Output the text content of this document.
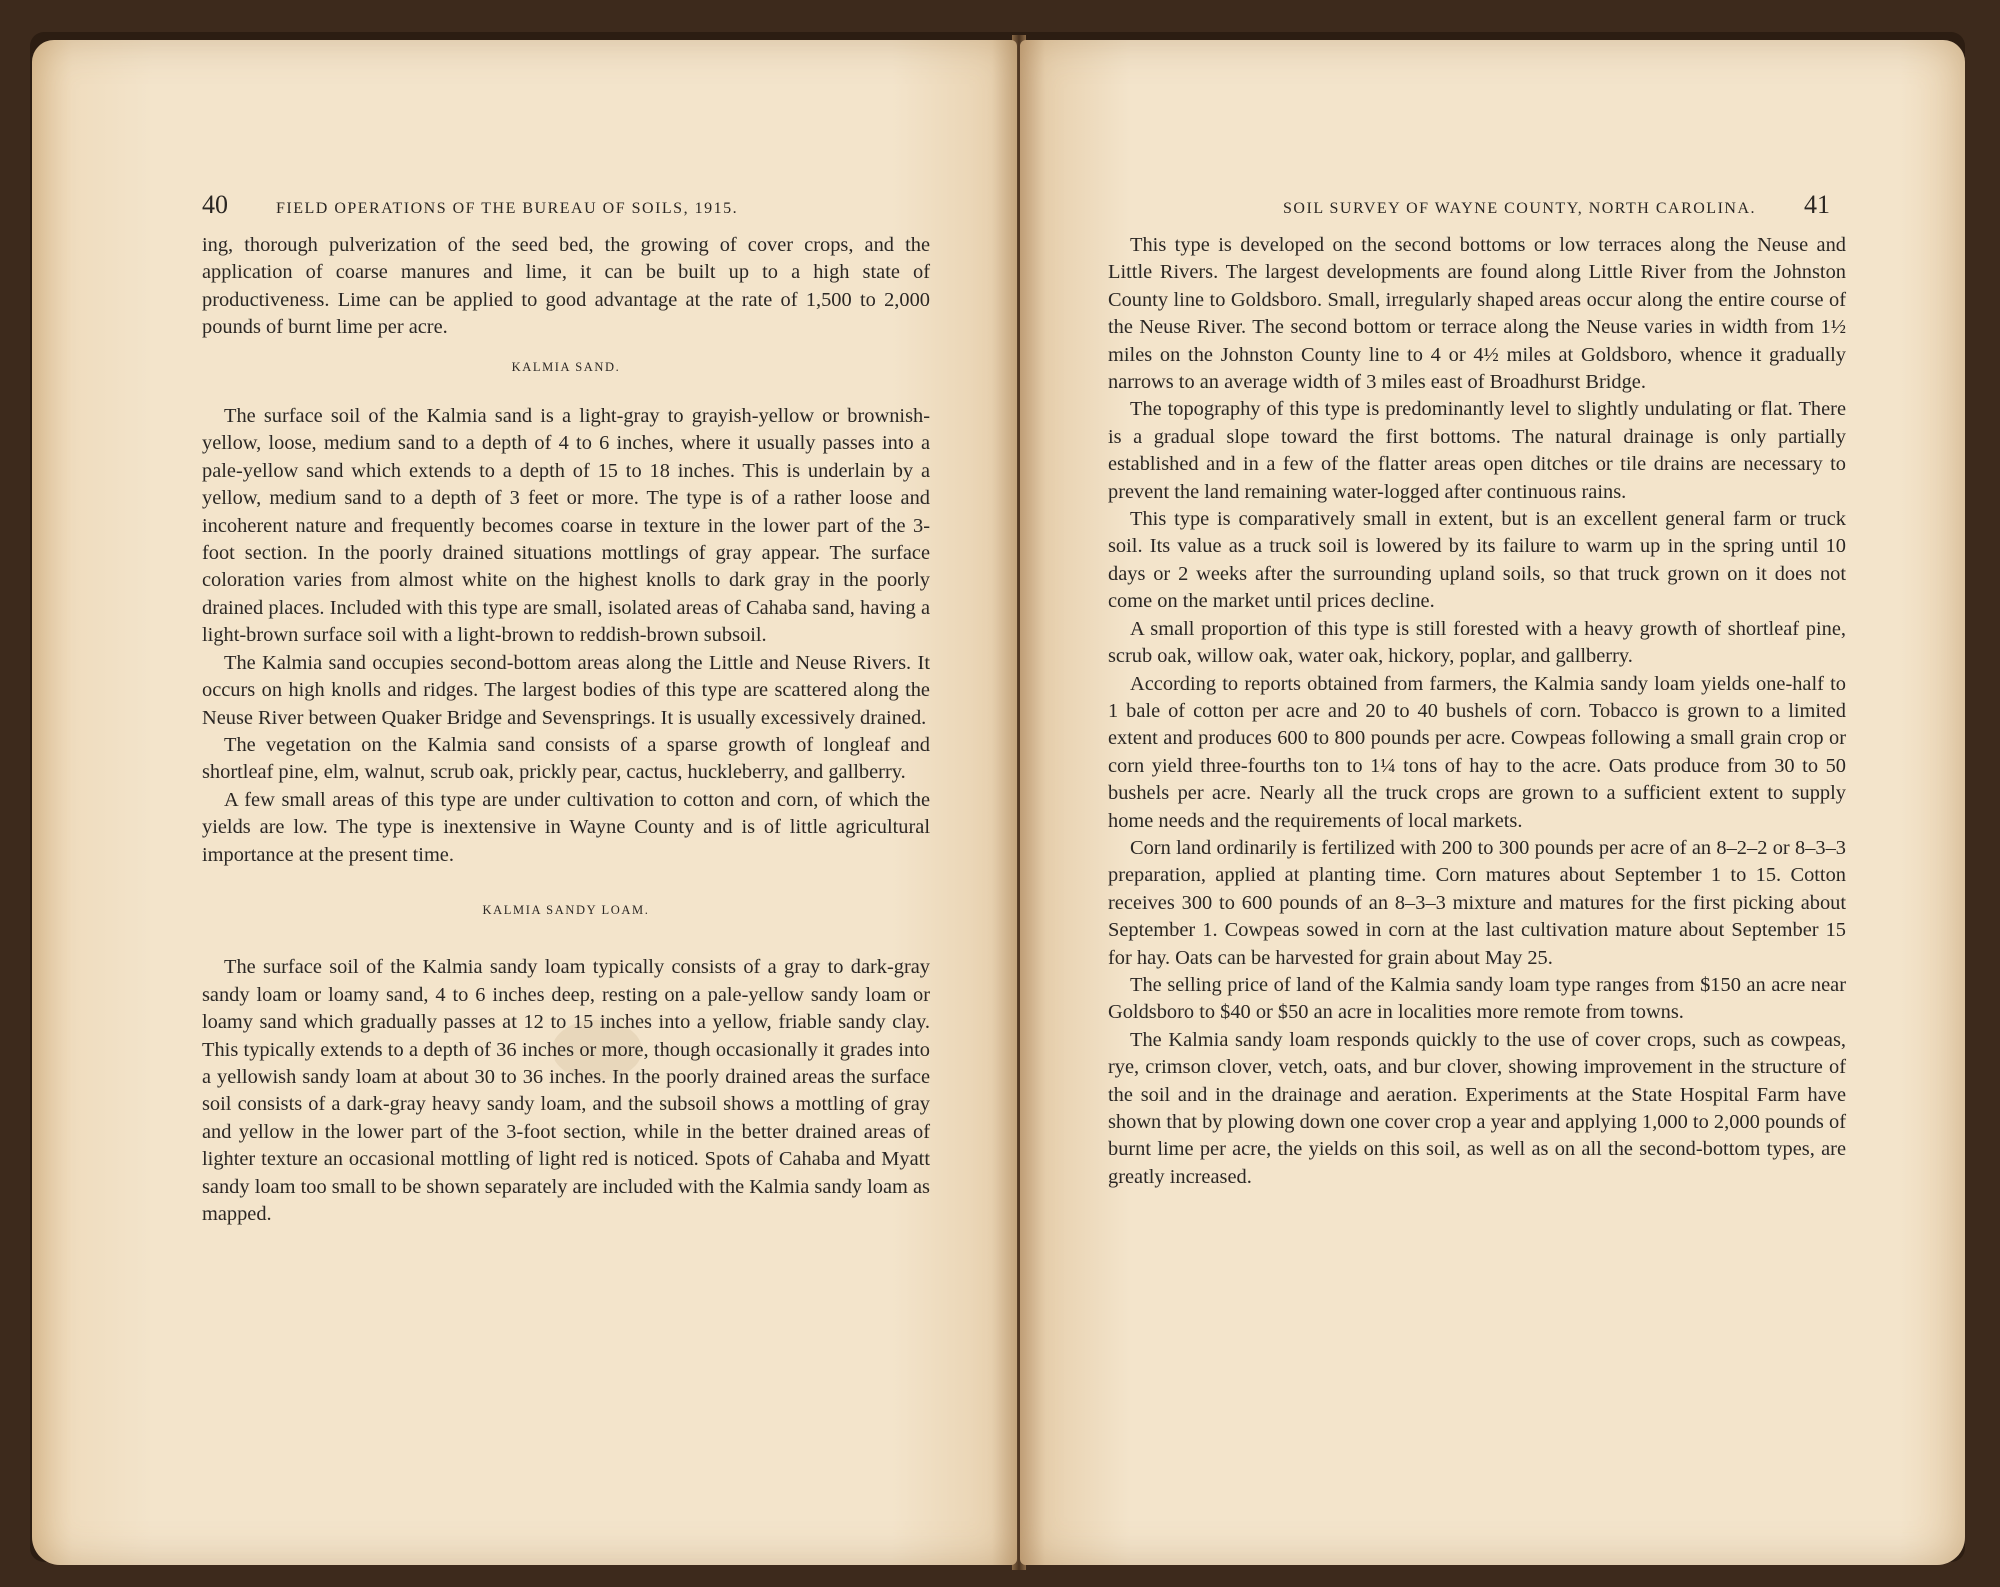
40	FIELD OPERATIONS OF THE BUREAU OF SOILS, 1915.

ing, thorough pulverization of the seed bed, the growing of cover crops, and the application of coarse manures and lime, it can be built up to a high state of productiveness. Lime can be applied to good advantage at the rate of 1,500 to 2,000 pounds of burnt lime per acre.

KALMIA SAND.

The surface soil of the Kalmia sand is a light-gray to grayish-yellow or brownish-yellow, loose, medium sand to a depth of 4 to 6 inches, where it usually passes into a pale-yellow sand which extends to a depth of 15 to 18 inches. This is underlain by a yellow, medium sand to a depth of 3 feet or more. The type is of a rather loose and incoherent nature and frequently becomes coarse in texture in the lower part of the 3-foot section. In the poorly drained situations mottlings of gray appear. The surface coloration varies from almost white on the highest knolls to dark gray in the poorly drained places. Included with this type are small, isolated areas of Cahaba sand, having a light-brown surface soil with a light-brown to reddish-brown subsoil.

The Kalmia sand occupies second-bottom areas along the Little and Neuse Rivers. It occurs on high knolls and ridges. The largest bodies of this type are scattered along the Neuse River between Quaker Bridge and Sevensprings. It is usually excessively drained.

The vegetation on the Kalmia sand consists of a sparse growth of longleaf and shortleaf pine, elm, walnut, scrub oak, prickly pear, cactus, huckleberry, and gallberry.

A few small areas of this type are under cultivation to cotton and corn, of which the yields are low. The type is inextensive in Wayne County and is of little agricultural importance at the present time.

KALMIA SANDY LOAM.

The surface soil of the Kalmia sandy loam typically consists of a gray to dark-gray sandy loam or loamy sand, 4 to 6 inches deep, resting on a pale-yellow sandy loam or loamy sand which gradually passes at 12 to 15 inches into a yellow, friable sandy clay. This typically extends to a depth of 36 inches or more, though occasionally it grades into a yellowish sandy loam at about 30 to 36 inches. In the poorly drained areas the surface soil consists of a dark-gray heavy sandy loam, and the subsoil shows a mottling of gray and yellow in the lower part of the 3-foot section, while in the better drained areas of lighter texture an occasional mottling of light red is noticed. Spots of Cahaba and Myatt sandy loam too small to be shown separately are included with the Kalmia sandy loam as mapped.

SOIL SURVEY OF WAYNE COUNTY, NORTH CAROLINA. 41

This type is developed on the second bottoms or low terraces along the Neuse and Little Rivers. The largest developments are found along Little River from the Johnston County line to Goldsboro. Small, irregularly shaped areas occur along the entire course of the Neuse River. The second bottom or terrace along the Neuse varies in width from 1½ miles on the Johnston County line to 4 or 4½ miles at Goldsboro, whence it gradually narrows to an average width of 3 miles east of Broadhurst Bridge.

The topography of this type is predominantly level to slightly undulating or flat. There is a gradual slope toward the first bottoms. The natural drainage is only partially established and in a few of the flatter areas open ditches or tile drains are necessary to prevent the land remaining water-logged after continuous rains.

This type is comparatively small in extent, but is an excellent general farm or truck soil. Its value as a truck soil is lowered by its failure to warm up in the spring until 10 days or 2 weeks after the surrounding upland soils, so that truck grown on it does not come on the market until prices decline.

A small proportion of this type is still forested with a heavy growth of shortleaf pine, scrub oak, willow oak, water oak, hickory, poplar, and gallberry.

According to reports obtained from farmers, the Kalmia sandy loam yields one-half to 1 bale of cotton per acre and 20 to 40 bushels of corn. Tobacco is grown to a limited extent and produces 600 to 800 pounds per acre. Cowpeas following a small grain crop or corn yield three-fourths ton to 1¼ tons of hay to the acre. Oats produce from 30 to 50 bushels per acre. Nearly all the truck crops are grown to a sufficient extent to supply home needs and the requirements of local markets.

Corn land ordinarily is fertilized with 200 to 300 pounds per acre of an 8–2–2 or 8–3–3 preparation, applied at planting time. Corn matures about September 1 to 15. Cotton receives 300 to 600 pounds of an 8–3–3 mixture and matures for the first picking about September 1. Cowpeas sowed in corn at the last cultivation mature about September 15 for hay. Oats can be harvested for grain about May 25.

The selling price of land of the Kalmia sandy loam type ranges from $150 an acre near Goldsboro to $40 or $50 an acre in localities more remote from towns.

The Kalmia sandy loam responds quickly to the use of cover crops, such as cowpeas, rye, crimson clover, vetch, oats, and bur clover, showing improvement in the structure of the soil and in the drainage and aeration. Experiments at the State Hospital Farm have shown that by plowing down one cover crop a year and applying 1,000 to 2,000 pounds of burnt lime per acre, the yields on this soil, as well as on all the second-bottom types, are greatly increased.
